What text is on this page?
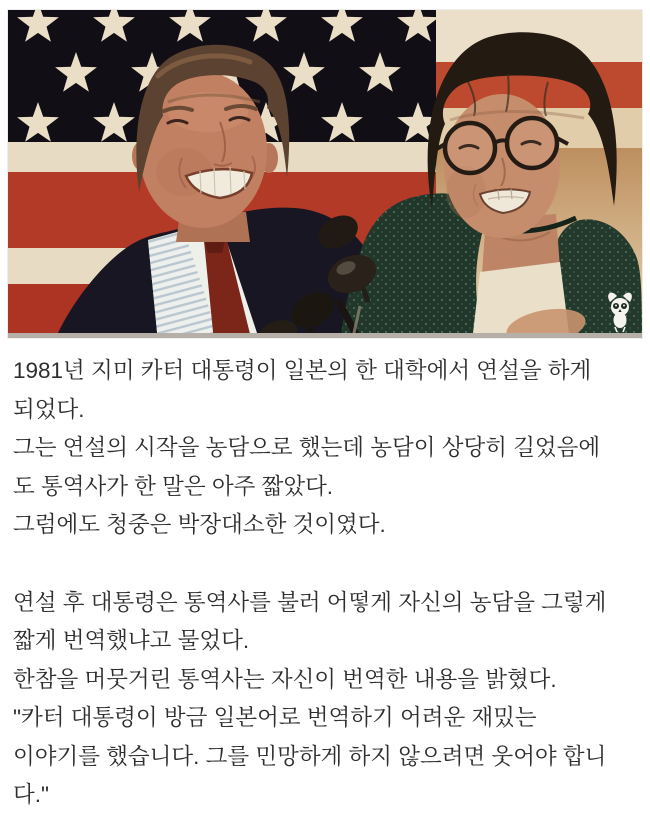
1981년 지미 카터 대통령이 일본의 한 대학에서 연설을 하게

되었다.

그는 연설의 시작을 농담으로 했는데 농담이 상당히 길었음에

도 통역사가 한 말은 아주 짧았다.

그럼에도 청중은 박장대소한 것이였다.

연설 후 대통령은 통역사를 불러 어떻게 자신의 농담을 그렇게

짧게 번역했냐고 물었다.

한참을 머뭇거린 통역사는 자신이 번역한 내용을 밝혔다.

"카터 대통령이 방금 일본어로 번역하기 어려운 재밌는

이야기를 했습니다. 그를 민망하게 하지 않으려면 웃어야 합니

다."
